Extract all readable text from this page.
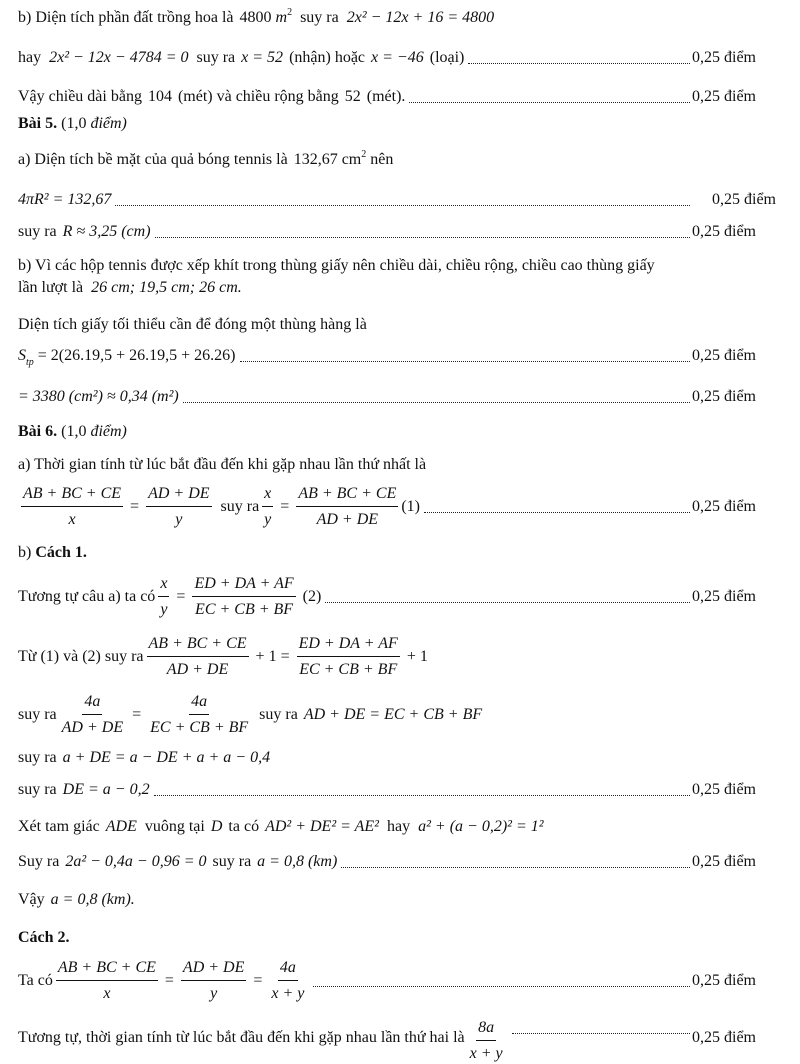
b) Diện tích phần đất trồng hoa là 4800 $m^2$ suy ra 2x² − 12x + 16 = 4800
hay 2x² − 12x − 4784 = 0 suy ra x = 52 (nhận) hoặc x = −46 (loại)	0,25 điểm
Vậy chiều dài bằng 104 (mét) và chiều rộng bằng 52 (mét).	0,25 điểm
Bài 5. (1,0 điểm)
a) Diện tích bề mặt của quả bóng tennis là 132,67 $cm^2$ nên
4πR² = 132,67	0,25 điểm
suy ra R ≈ 3,25 (cm)	0,25 điểm
b) Vì các hộp tennis được xếp khít trong thùng giấy nên chiều dài, chiều rộng, chiều cao thùng giấy
lần lượt là 26 cm; 19,5 cm; 26 cm.
Diện tích giấy tối thiểu cần để đóng một thùng hàng là
$S_{tp} = 2(26.19,5 + 26.19,5 + 26.26)$	0,25 điểm
= 3380 (cm²) ≈ 0,34 (m²)	0,25 điểm
Bài 6. (1,0 điểm)
a) Thời gian tính từ lúc bắt đầu đến khi gặp nhau lần thứ nhất là
$\frac{AB + BC + CE}{x} = \frac{AD + DE}{y}$ suy ra $\frac{x}{y} = \frac{AB + BC + CE}{AD + DE} (1)$	0,25 điểm
b) Cách 1.
Tương tự câu a) ta có $\frac{x}{y} = \frac{ED + DA + AF}{EC + CB + BF} (2)$	0,25 điểm
Từ (1) và (2) suy ra $\frac{AB + BC + CE}{AD + DE} + 1 = \frac{ED + DA + AF}{EC + CB + BF} + 1$
suy ra $\frac{4a}{AD + DE} = \frac{4a}{EC + CB + BF}$ suy ra AD + DE = EC + CB + BF
suy ra a + DE = a − DE + a + a − 0,4
suy ra DE = a − 0,2	0,25 điểm
Xét tam giác ADE vuông tại D ta có AD² + DE² = AE² hay a² + (a − 0,2)² = 1²
Suy ra 2a² − 0,4a − 0,96 = 0 suy ra a = 0,8 (km)	0,25 điểm
Vậy a = 0,8 (km).
Cách 2.
Ta có $\frac{AB + BC + CE}{x} = \frac{AD + DE}{y} = \frac{4a}{x + y}$	0,25 điểm
Tương tự, thời gian tính từ lúc bắt đầu đến khi gặp nhau lần thứ hai là $\frac{8a}{x + y}$	0,25 điểm
